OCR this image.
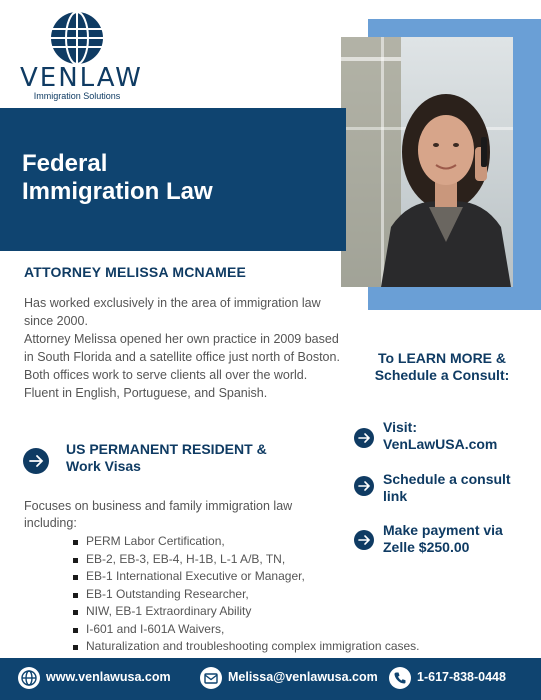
VENLAW
Immigration Solutions
Federal
Immigration Law
ATTORNEY MELISSA MCNAMEE

Has worked exclusively in the area of immigration law since 2000.

Attorney Melissa opened her own practice in 2009 based in South Florida and a satellite office just north of Boston.

Both offices work to serve clients all over the world.

Fluent in English, Portuguese, and Spanish.

US PERMANENT RESIDENT &
Work Visas
Focuses on business and family immigration law including:
PERM Labor Certification,
EB-2, EB-3, EB-4, H-1B, L-1 A/B, TN,
EB-1 International Executive or Manager,
EB-1 Outstanding Researcher,
NIW, EB-1 Extraordinary Ability
I-601 and I-601A Waivers,
Naturalization and troubleshooting complex immigration cases.
To LEARN MORE & Schedule a Consult:
Visit:
VenLawUSA.com
Schedule a consult link
Make payment via Zelle $250.00
www.venlawusa.com	Melissa@venlawusa.com	1-617-838-0448
